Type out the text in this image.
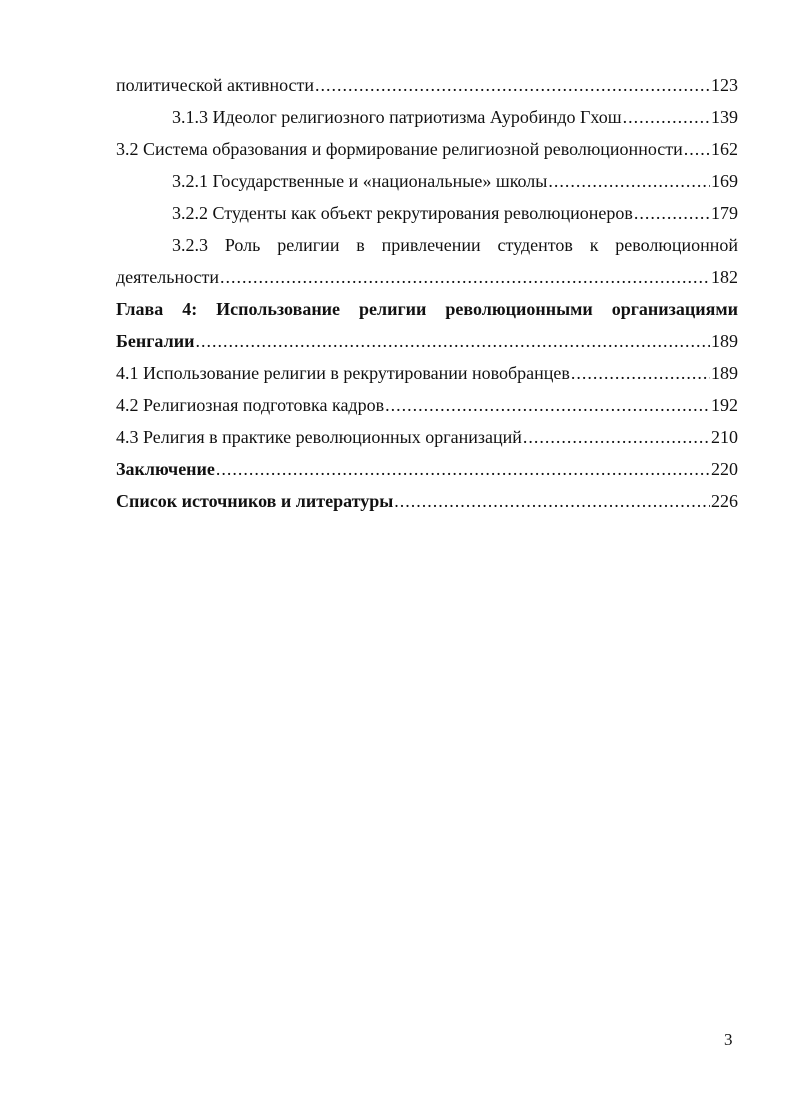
политической активности .....	123
3.1.3 Идеолог религиозного патриотизма Ауробиндо Гхош .....	139
3.2 Система образования и формирование религиозной революционности ..... 162
3.2.1 Государственные и «национальные» школы .....	169
3.2.2 Студенты как объект рекрутирования революционеров .....	179
3.2.3 Роль религии в привлечении студентов к революционной
деятельности .....	182
Глава 4: Использование религии революционными организациями
Бенгалии .....	189
4.1 Использование религии в рекрутировании новобранцев .....	189
4.2 Религиозная подготовка кадров .....	192
4.3 Религия в практике революционных организаций .....	210
Заключение .....	220
Список источников и литературы .....	226
3
